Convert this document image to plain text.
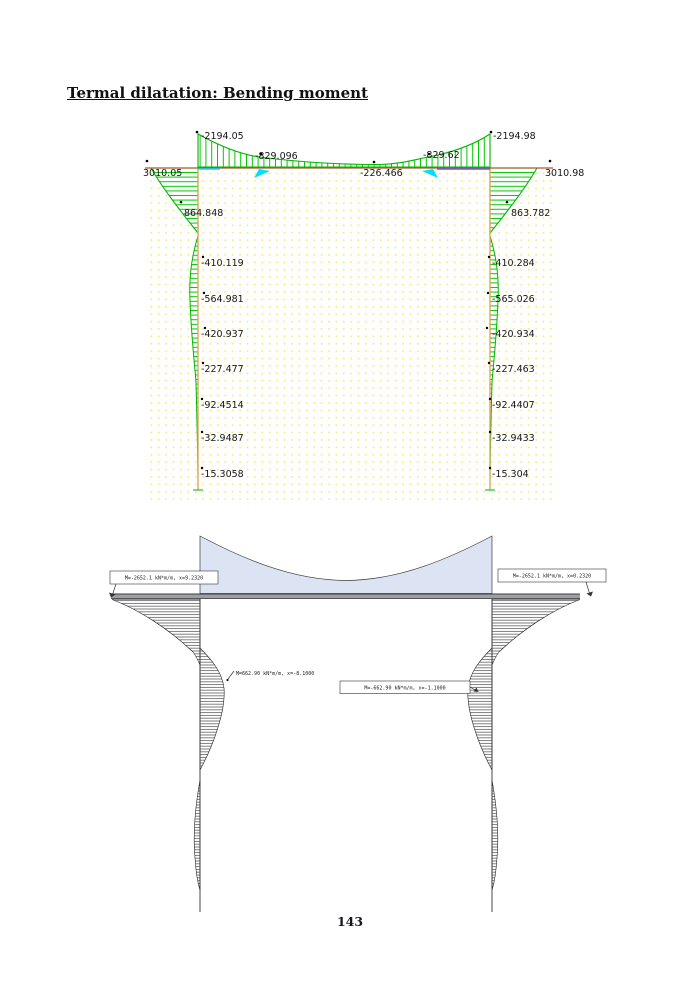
-2194.05
-829.096
-226.466
-829.62
-2194.98
3010.05	3010.98
864.848
-410.119
-564.981
-420.937
-227.477
-92.4514
-32.9487
-15.3058
863.782
-410.284
-565.026
-420.934
-227.463
-92.4407
-32.9433
-15.304
M=-2652.1 kN*m/m, x=9.2320	M=-2652.1 kN*m/m, x=0.2320
M=662.90 kN*m/m, x=-8.1000
M=-662.90 kN*m/m, x=-1.1000
Termal dilatation: Bending moment
143
